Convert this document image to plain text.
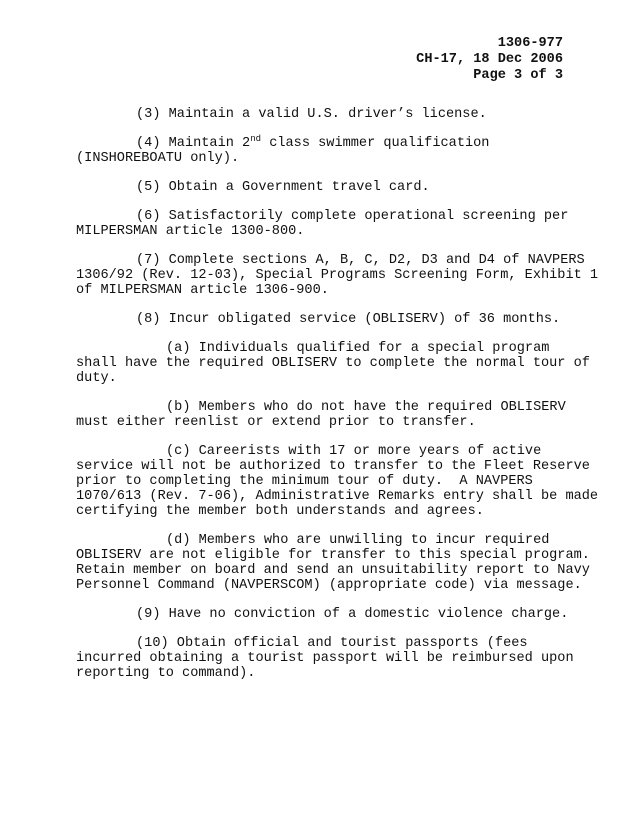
1306-977
CH-17, 18 Dec 2006
Page 3 of 3

(3) Maintain a valid U.S. driver’s license.

(4) Maintain 2nd class swimmer qualification

(INSHOREBOATU only).

(5) Obtain a Government travel card.

(6) Satisfactorily complete operational screening per

MILPERSMAN article 1300-800.

(7) Complete sections A, B, C, D2, D3 and D4 of NAVPERS

1306/92 (Rev. 12-03), Special Programs Screening Form, Exhibit 1

of MILPERSMAN article 1306-900.

(8) Incur obligated service (OBLISERV) of 36 months.

(a) Individuals qualified for a special program

shall have the required OBLISERV to complete the normal tour of

duty.

(b) Members who do not have the required OBLISERV

must either reenlist or extend prior to transfer.

(c) Careerists with 17 or more years of active

service will not be authorized to transfer to the Fleet Reserve

prior to completing the minimum tour of duty.  A NAVPERS

1070/613 (Rev. 7-06), Administrative Remarks entry shall be made

certifying the member both understands and agrees.

(d) Members who are unwilling to incur required

OBLISERV are not eligible for transfer to this special program.

Retain member on board and send an unsuitability report to Navy

Personnel Command (NAVPERSCOM) (appropriate code) via message.

(9) Have no conviction of a domestic violence charge.

(10) Obtain official and tourist passports (fees

incurred obtaining a tourist passport will be reimbursed upon

reporting to command).
